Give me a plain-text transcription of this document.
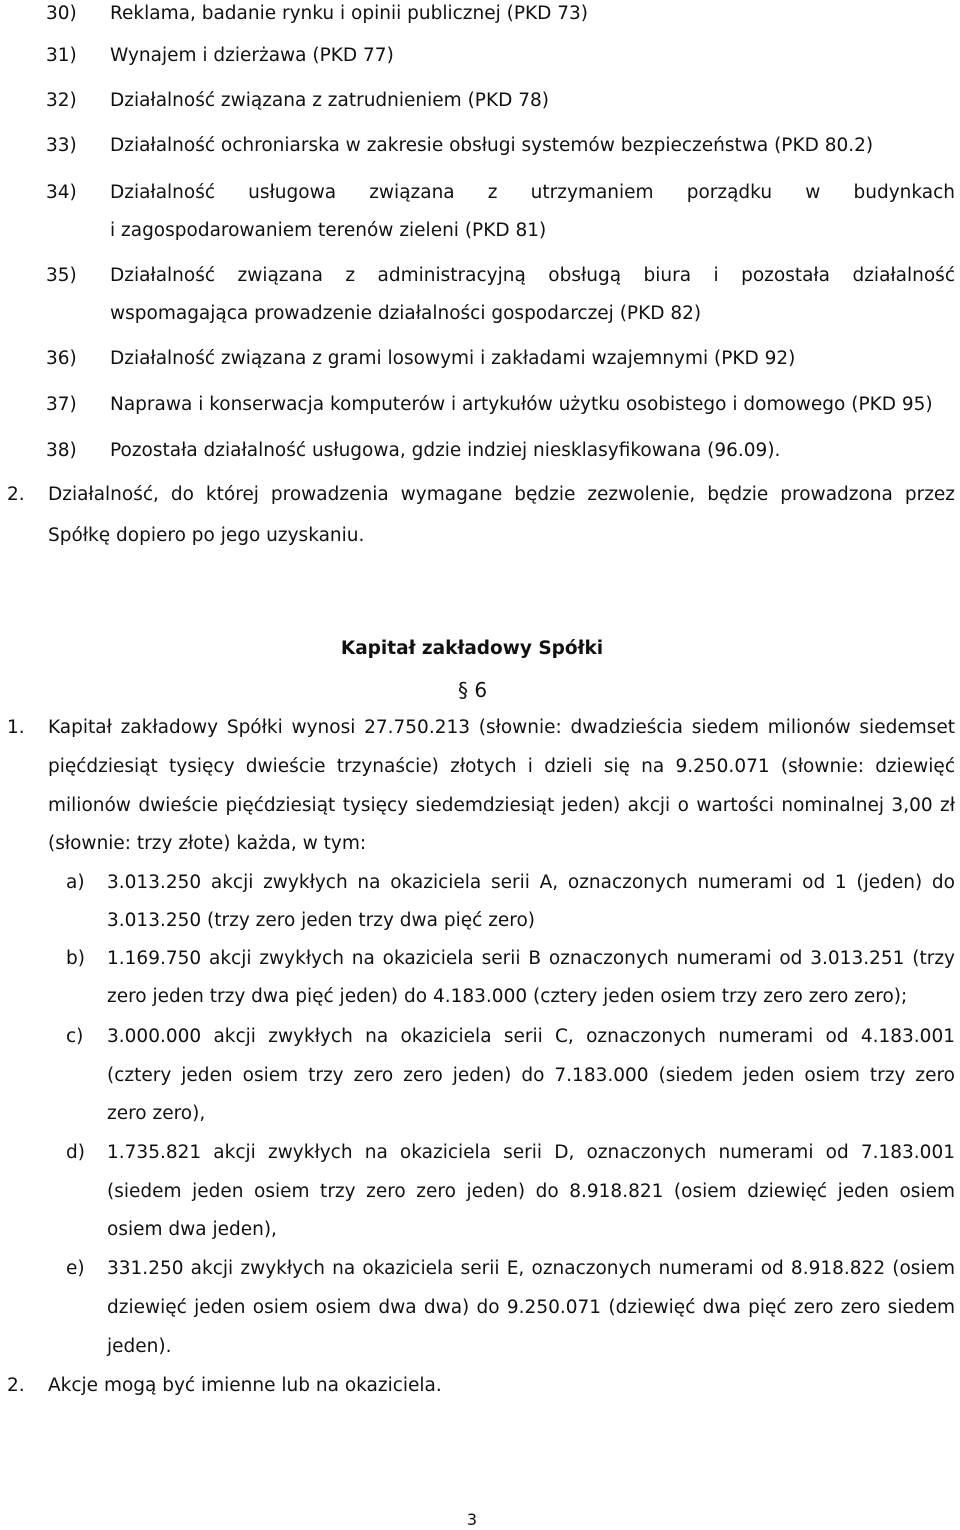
30) Reklama, badanie rynku i opinii publicznej (PKD 73)
31) Wynajem i dzierżawa (PKD 77)
32) Działalność związana z zatrudnieniem (PKD 78)
33) Działalność ochroniarska w zakresie obsługi systemów bezpieczeństwa (PKD 80.2)
34) Działalność usługowa związana z utrzymaniem porządku w budynkach
i zagospodarowaniem terenów zieleni (PKD 81)
35) Działalność związana z administracyjną obsługą biura i pozostała działalność
wspomagająca prowadzenie działalności gospodarczej (PKD 82)
36) Działalność związana z grami losowymi i zakładami wzajemnymi (PKD 92)
37) Naprawa i konserwacja komputerów i artykułów użytku osobistego i domowego (PKD 95)
38) Pozostała działalność usługowa, gdzie indziej niesklasyfikowana (96.09).
2. Działalność, do której prowadzenia wymagane będzie zezwolenie, będzie prowadzona przez
Spółkę dopiero po jego uzyskaniu.
Kapitał zakładowy Spółki
§ 6
1. Kapitał zakładowy Spółki wynosi 27.750.213 (słownie: dwadzieścia siedem milionów siedemset
pięćdziesiąt tysięcy dwieście trzynaście) złotych i dzieli się na 9.250.071 (słownie: dziewięć
milionów dwieście pięćdziesiąt tysięcy siedemdziesiąt jeden) akcji o wartości nominalnej 3,00 zł
(słownie: trzy złote) każda, w tym:
a) 3.013.250 akcji zwykłych na okaziciela serii A, oznaczonych numerami od 1 (jeden) do
3.013.250 (trzy zero jeden trzy dwa pięć zero)
b) 1.169.750 akcji zwykłych na okaziciela serii B oznaczonych numerami od 3.013.251 (trzy
zero jeden trzy dwa pięć jeden) do 4.183.000 (cztery jeden osiem trzy zero zero zero);
c) 3.000.000 akcji zwykłych na okaziciela serii C, oznaczonych numerami od 4.183.001
(cztery jeden osiem trzy zero zero jeden) do 7.183.000 (siedem jeden osiem trzy zero
zero zero),
d) 1.735.821 akcji zwykłych na okaziciela serii D, oznaczonych numerami od 7.183.001
(siedem jeden osiem trzy zero zero jeden) do 8.918.821 (osiem dziewięć jeden osiem
osiem dwa jeden),
e) 331.250 akcji zwykłych na okaziciela serii E, oznaczonych numerami od 8.918.822 (osiem
dziewięć jeden osiem osiem dwa dwa) do 9.250.071 (dziewięć dwa pięć zero zero siedem
jeden).
2. Akcje mogą być imienne lub na okaziciela.
3
